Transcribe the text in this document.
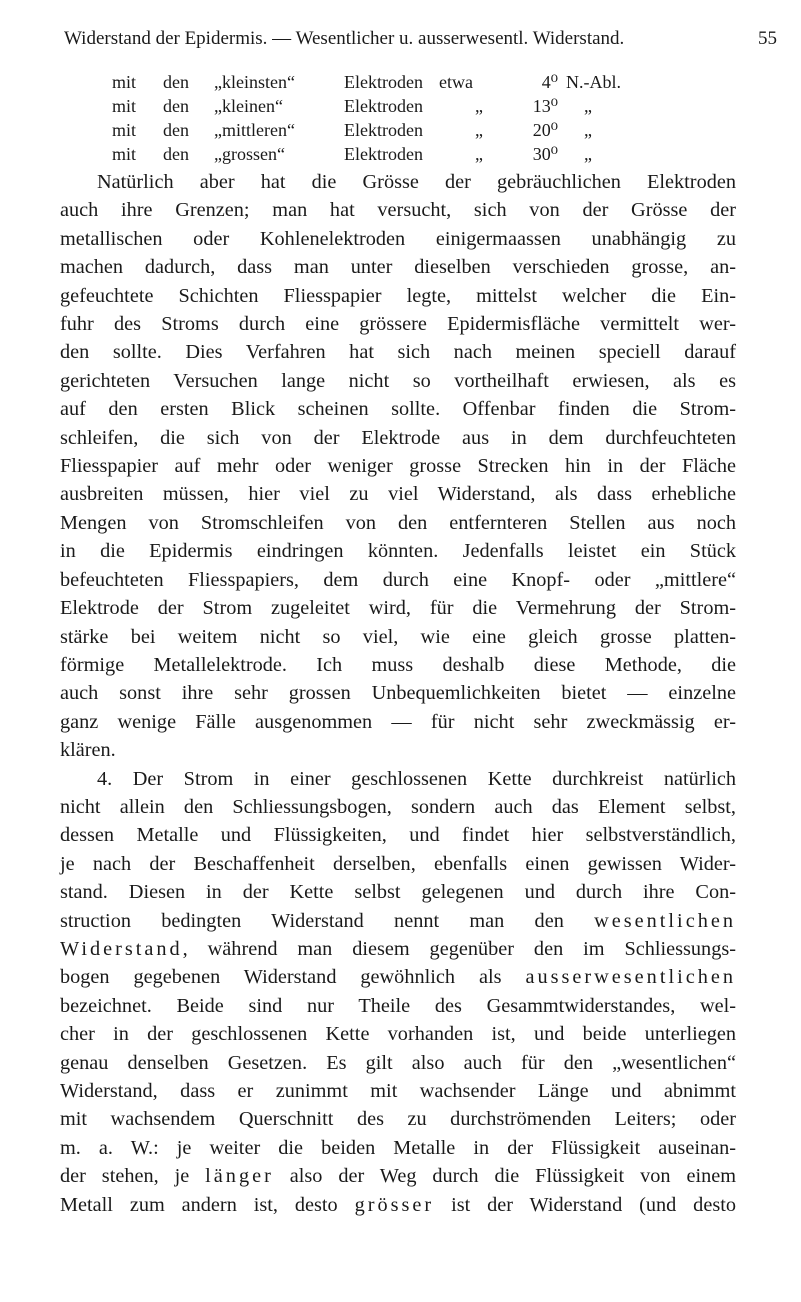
Widerstand der Epidermis. — Wesentlicher u. ausserwesentl. Widerstand.	55
mit	den	„kleinsten“	Elektroden etwa	4⁰ N.-Abl.
mit	den	„kleinen“	Elektroden	„	13⁰	„
mit	den	„mittleren“	Elektroden	„	20⁰	„
mit	den	„grossen“	Elektroden	„	30⁰	„

Natürlich aber hat die Grösse der gebräuchlichen Elektroden

auch ihre Grenzen; man hat versucht, sich von der Grösse der

metallischen oder Kohlenelektroden einigermaassen unabhängig zu

machen dadurch, dass man unter dieselben verschieden grosse, an-

gefeuchtete Schichten Fliesspapier legte, mittelst welcher die Ein-

fuhr des Stroms durch eine grössere Epidermisfläche vermittelt wer-

den sollte. Dies Verfahren hat sich nach meinen speciell darauf

gerichteten Versuchen lange nicht so vortheilhaft erwiesen, als es

auf den ersten Blick scheinen sollte. Offenbar finden die Strom-

schleifen, die sich von der Elektrode aus in dem durchfeuchteten

Fliesspapier auf mehr oder weniger grosse Strecken hin in der Fläche

ausbreiten müssen, hier viel zu viel Widerstand, als dass erhebliche

Mengen von Stromschleifen von den entfernteren Stellen aus noch

in die Epidermis eindringen könnten. Jedenfalls leistet ein Stück

befeuchteten Fliesspapiers, dem durch eine Knopf- oder „mittlere“

Elektrode der Strom zugeleitet wird, für die Vermehrung der Strom-

stärke bei weitem nicht so viel, wie eine gleich grosse platten-

förmige Metallelektrode. Ich muss deshalb diese Methode, die

auch sonst ihre sehr grossen Unbequemlichkeiten bietet — einzelne

ganz wenige Fälle ausgenommen — für nicht sehr zweckmässig er-

klären.

4. Der Strom in einer geschlossenen Kette durchkreist natürlich

nicht allein den Schliessungsbogen, sondern auch das Element selbst,

dessen Metalle und Flüssigkeiten, und findet hier selbstverständlich,

je nach der Beschaffenheit derselben, ebenfalls einen gewissen Wider-

stand. Diesen in der Kette selbst gelegenen und durch ihre Con-

struction bedingten Widerstand nennt man den wesentlichen

Widerstand, während man diesem gegenüber den im Schliessungs-

bogen gegebenen Widerstand gewöhnlich als ausserwesentlichen

bezeichnet. Beide sind nur Theile des Gesammtwiderstandes, wel-

cher in der geschlossenen Kette vorhanden ist, und beide unterliegen

genau denselben Gesetzen. Es gilt also auch für den „wesentlichen“

Widerstand, dass er zunimmt mit wachsender Länge und abnimmt

mit wachsendem Querschnitt des zu durchströmenden Leiters; oder

m. a. W.: je weiter die beiden Metalle in der Flüssigkeit auseinan-

der stehen, je länger also der Weg durch die Flüssigkeit von einem

Metall zum andern ist, desto grösser ist der Widerstand (und desto
